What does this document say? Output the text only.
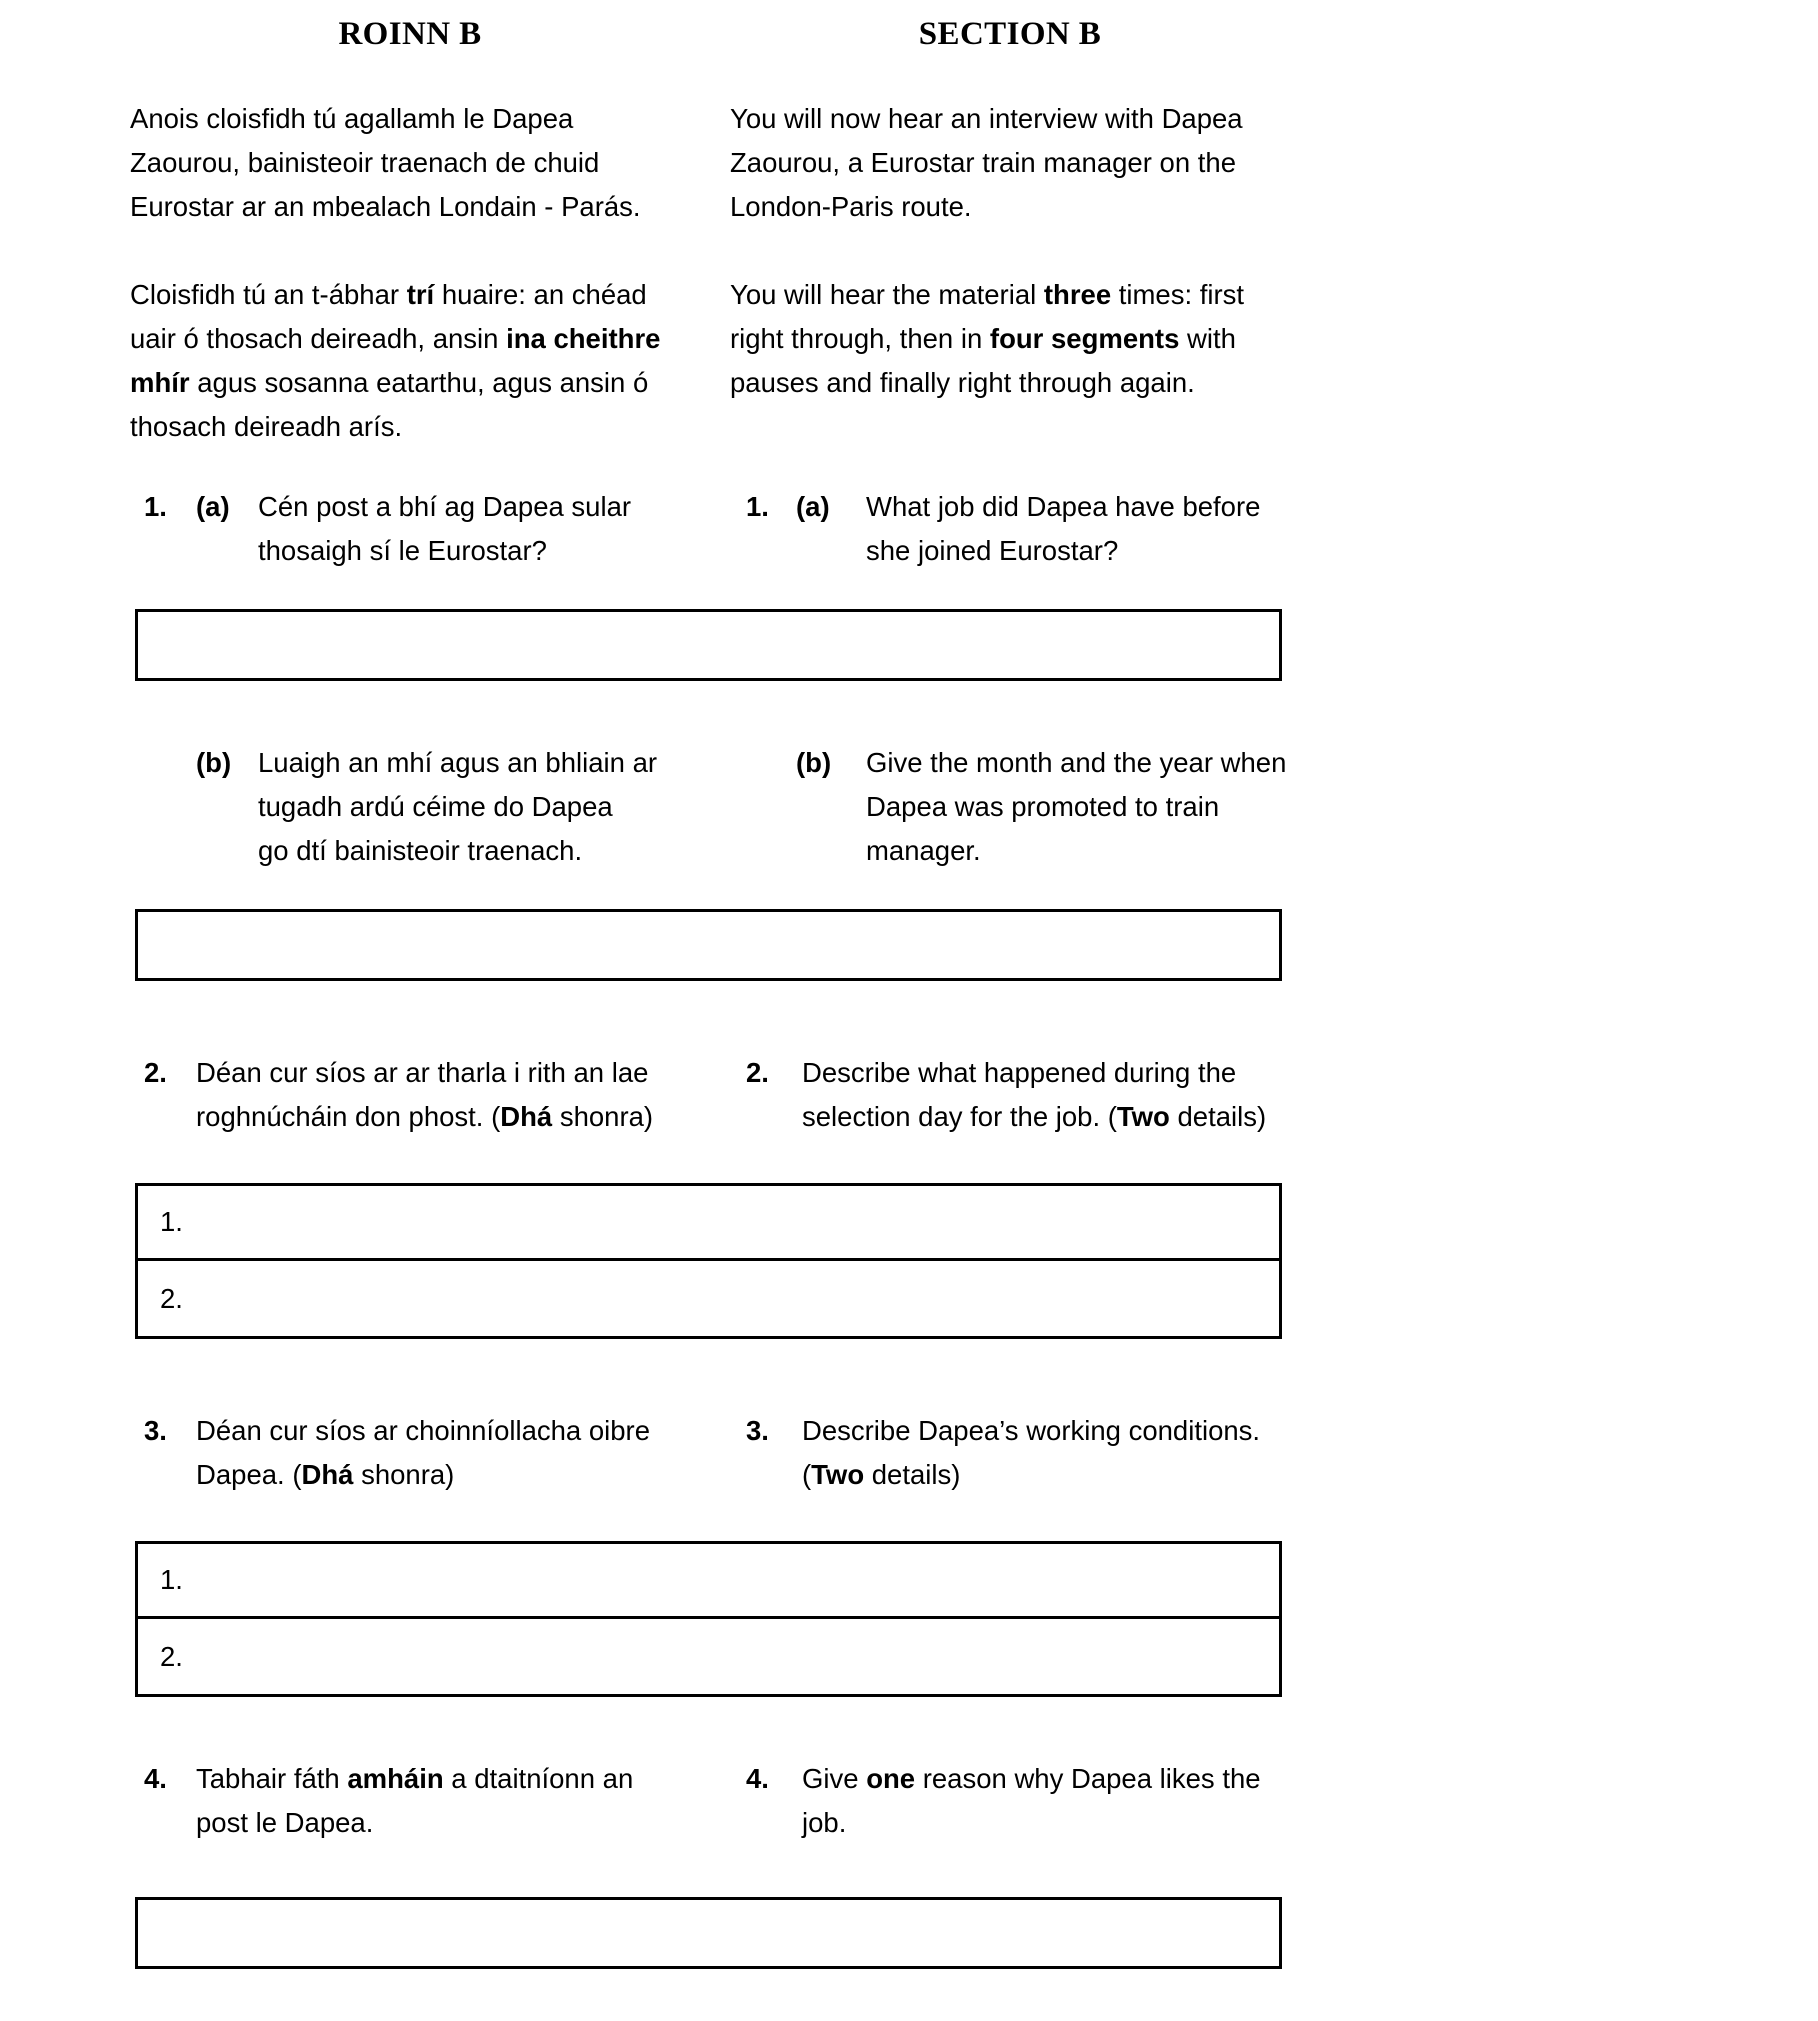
ROINN B	SECTION B

Anois cloisfidh tú agallamh le Dapea Zaourou, bainisteoir traenach de chuid Eurostar ar an mbealach Londain - Parás.

Cloisfidh tú an t-ábhar trí huaire: an chéad uair ó thosach deireadh, ansin ina cheithre mhír agus sosanna eatarthu, agus ansin ó thosach deireadh arís.

You will now hear an interview with Dapea Zaourou, a Eurostar train manager on the London-Paris route.

You will hear the material three times: first right through, then in four segments with pauses and finally right through again.

1.	(a)	Cén post a bhí ag Dapea sular thosaigh sí le Eurostar?
1. (a)	What job did Dapea have before she joined Eurostar?
(b) Luaigh an mhí agus an bhliain ar tugadh ardú céime do Dapea
go dtí bainisteoir traenach.
(b)	Give the month and the year when Dapea was promoted to train manager.
2.	Déan cur síos ar ar tharla i rith an lae roghnúcháin don phost. (Dhá shonra)
2.	Describe what happened during the selection day for the job. (Two details)
1.
2.
3.	Déan cur síos ar choinníollacha oibre Dapea. (Dhá shonra)
3.	Describe Dapea’s working conditions.
(Two details)
1.
2.
4.	Tabhair fáth amháin a dtaitníonn an post le Dapea.
4.	Give one reason why Dapea likes the job.
